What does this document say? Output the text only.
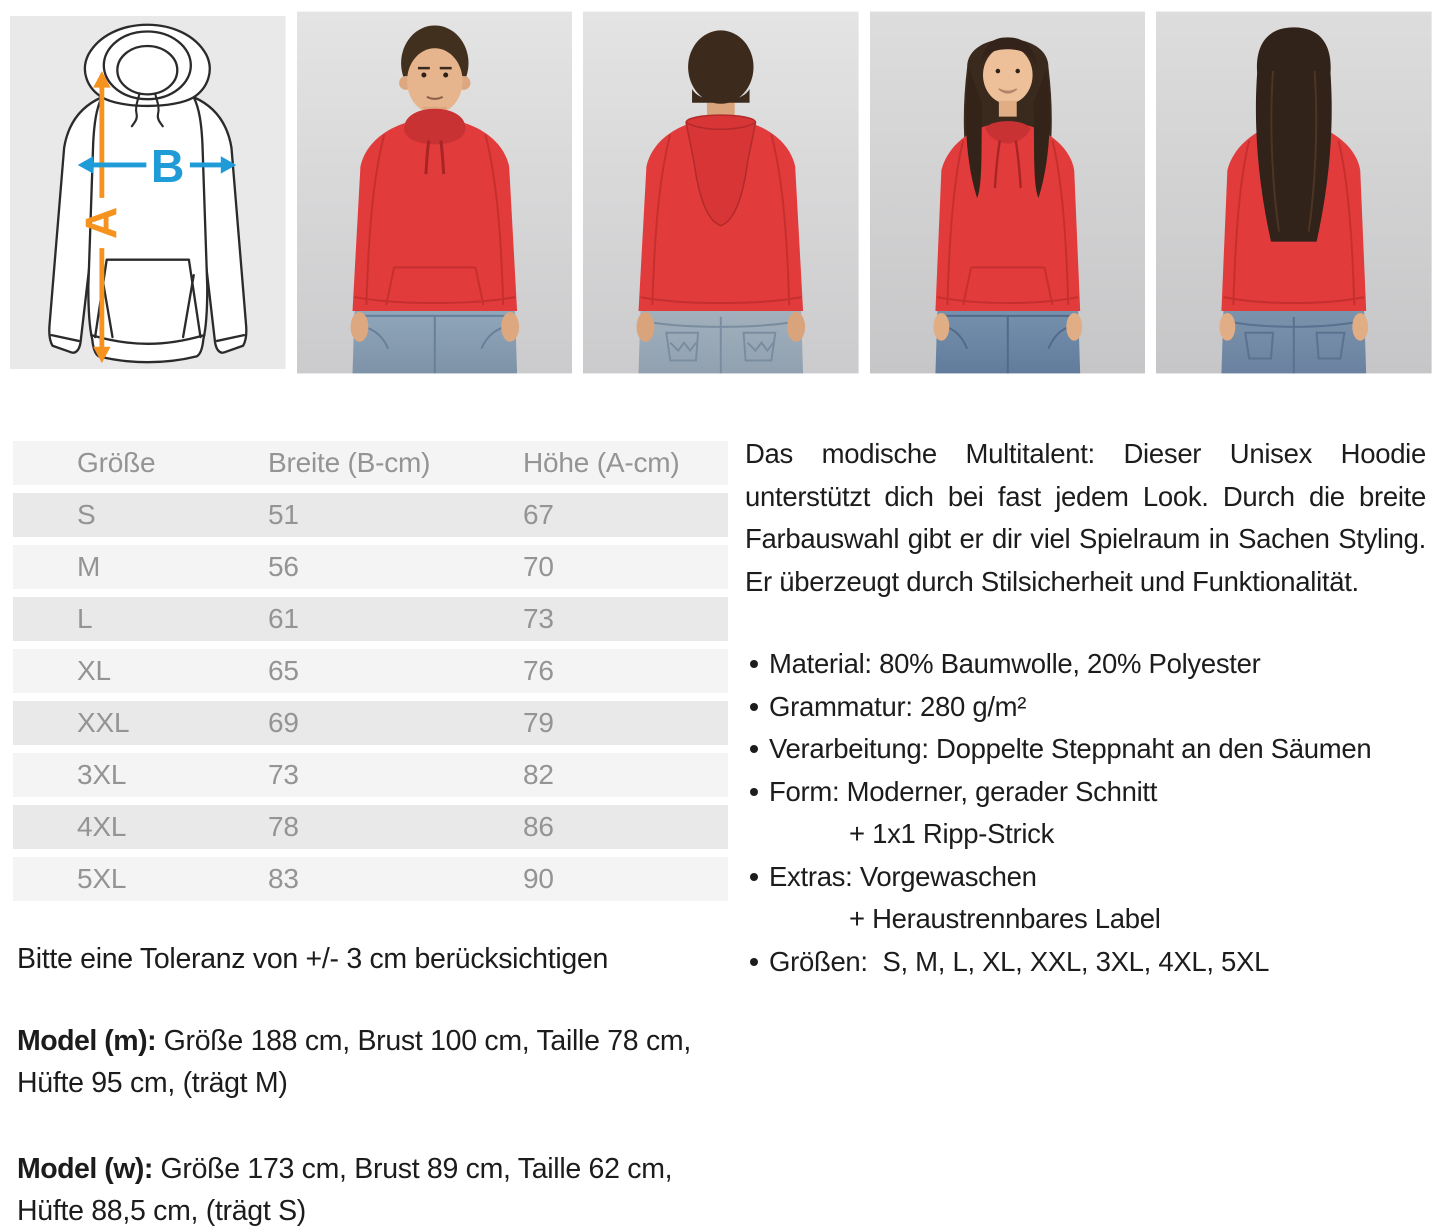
A
B
Größe	Breite (B-cm)	Höhe (A-cm)
S	51	67
M	56	70
L	61	73
XL	65	76
XXL	69	79
3XL	73	82
4XL	78	86
5XL	83	90

Bitte eine Toleranz von +/- 3 cm berücksichtigen

Model (m): Größe 188 cm, Brust 100 cm, Taille 78 cm, Hüfte 95 cm, (trägt M)

Model (w): Größe 173 cm, Brust 89 cm, Taille 62 cm, Hüfte 88,5 cm, (trägt S)

Das modische Multitalent: Dieser Unisex Hoodie unterstützt dich bei fast jedem Look. Durch die breite Farbauswahl gibt er dir viel Spielraum in Sachen Styling. Er überzeugt durch Stilsicherheit und Funktionalität.

Material: 80% Baumwolle, 20% Polyester
Grammatur: 280 g/m²
Verarbeitung: Doppelte Steppnaht an den Säumen
Form: Moderner, gerader Schnitt
+ 1x1 Ripp-Strick
Extras: Vorgewaschen
+ Heraustrennbares Label
Größen:  S, M, L, XL, XXL, 3XL, 4XL, 5XL
